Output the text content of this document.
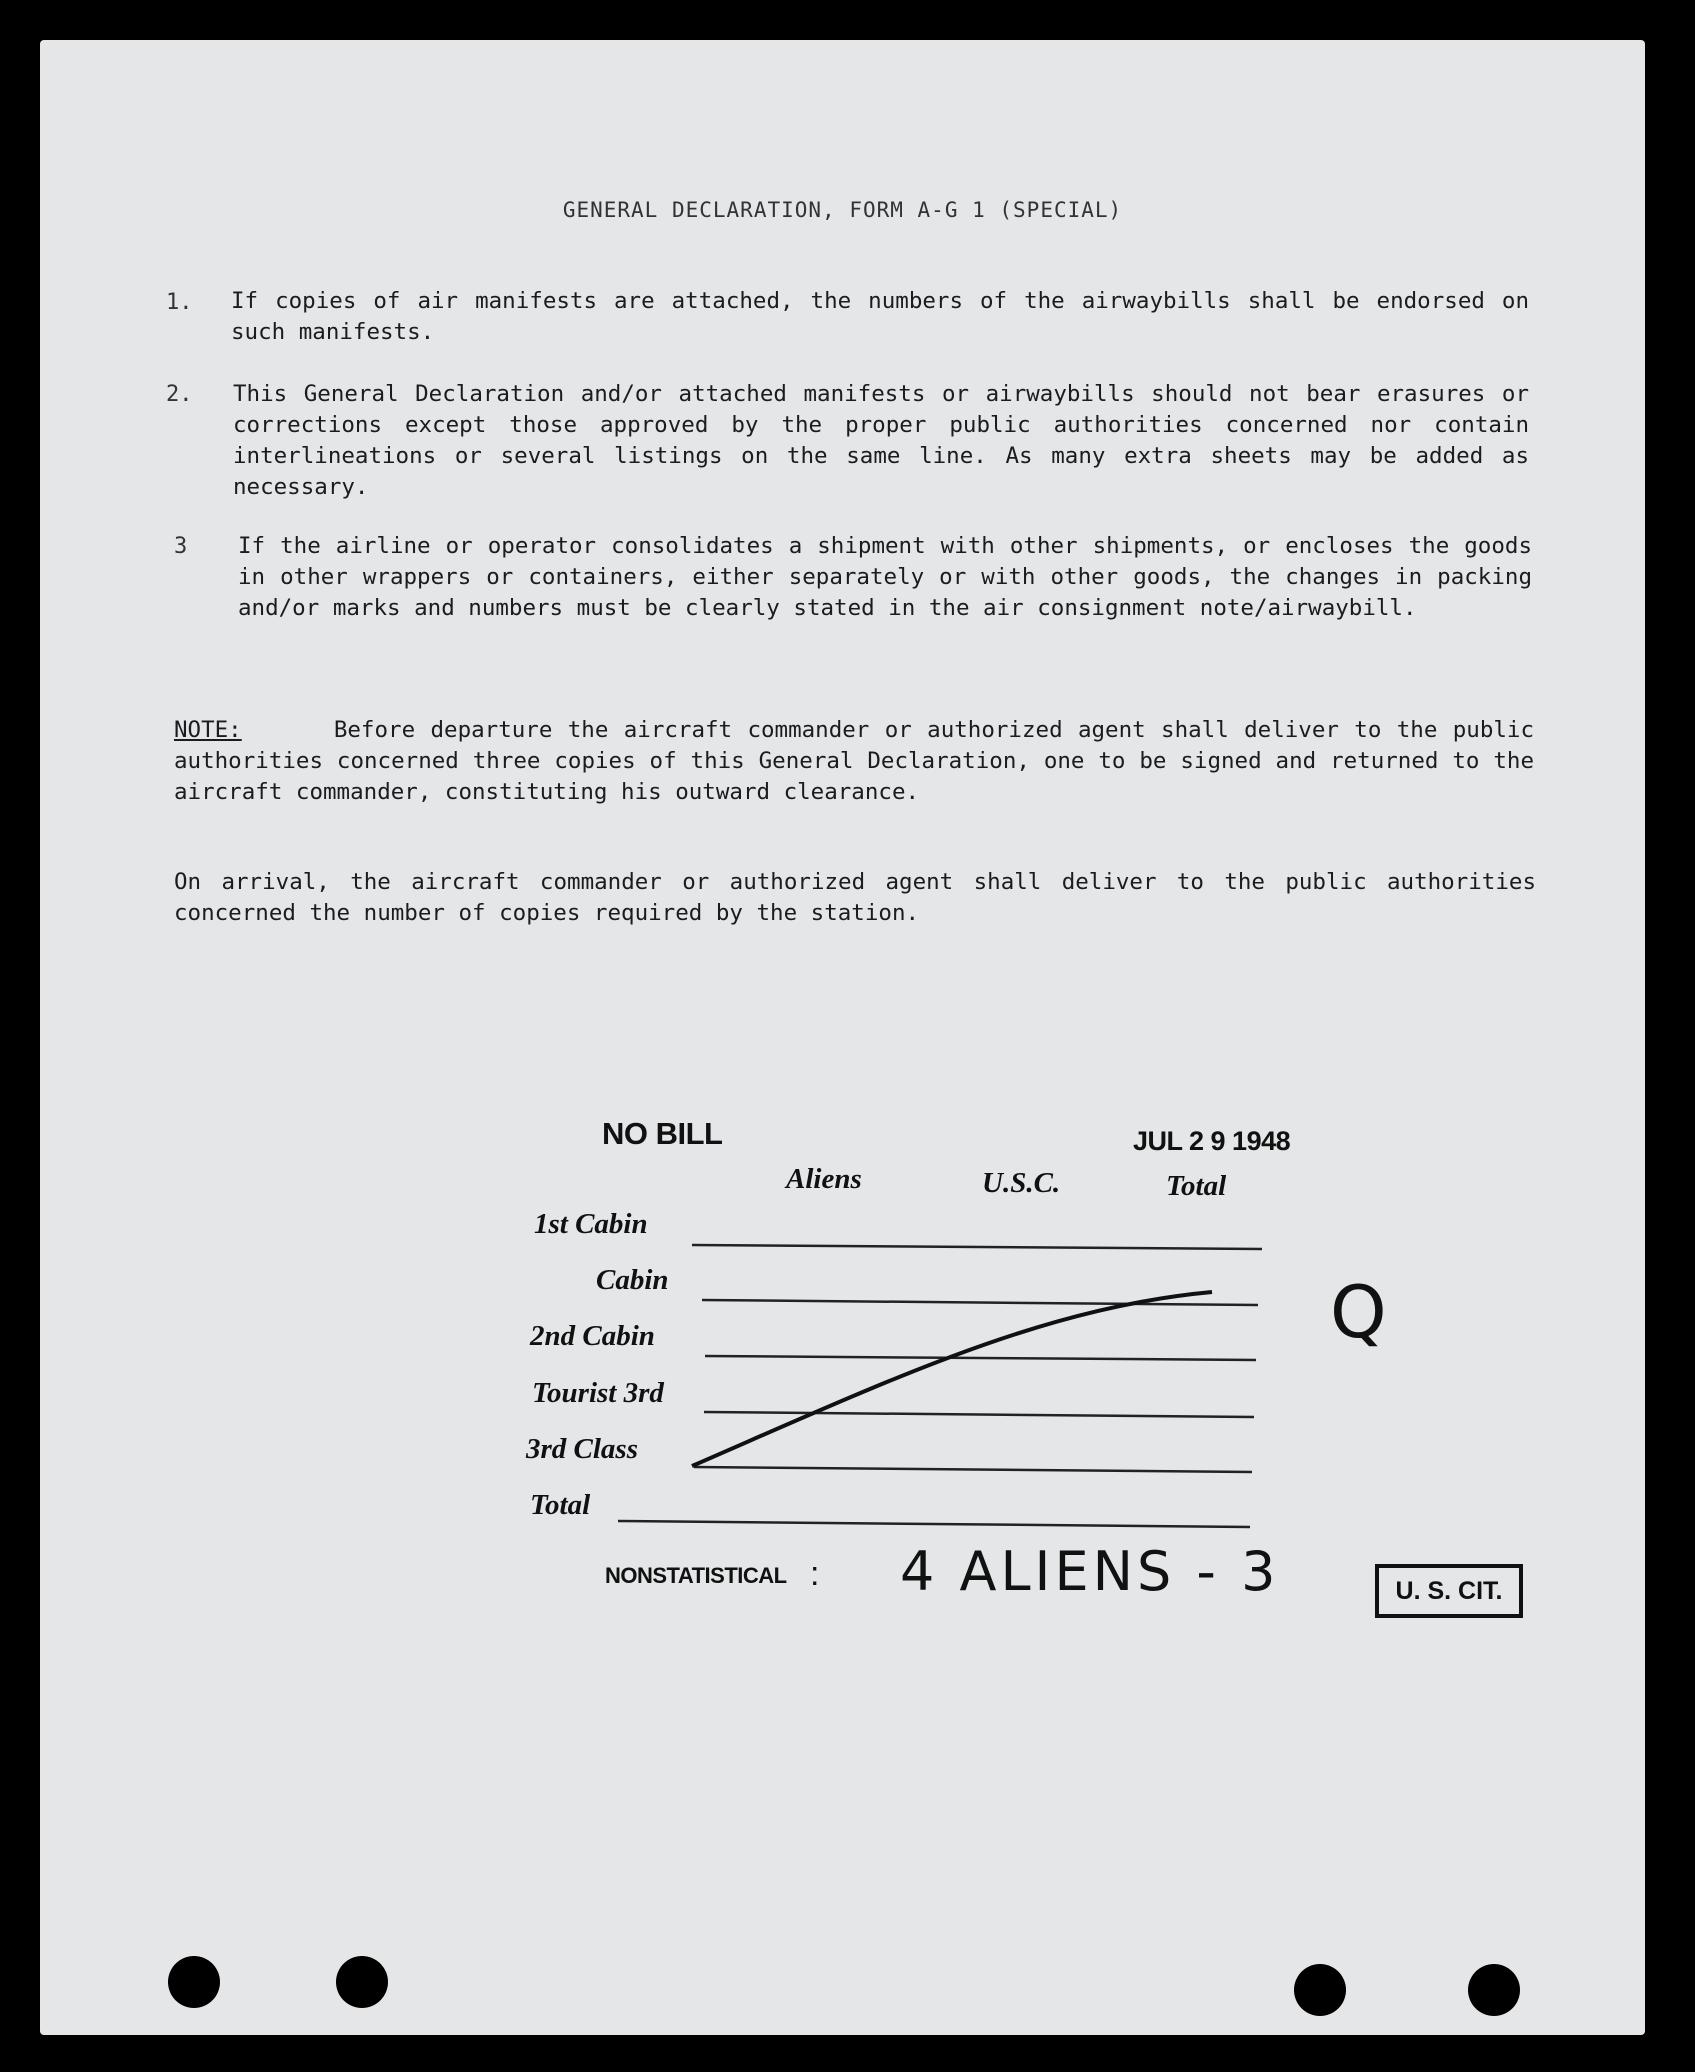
GENERAL DECLARATION, FORM A-G 1 (SPECIAL)
1. If copies of air manifests are attached, the numbers of the airwaybills shall be endorsed on such manifests.

2. This General Declaration and/or attached manifests or airwaybills should not bear erasures or corrections except those approved by the proper public authorities concerned nor contain interlineations or several listings on the same line. As many extra sheets may be added as necessary.

3 If the airline or operator consolidates a shipment with other shipments, or encloses the goods in other wrappers or containers, either separately or with other goods, the changes in packing and/or marks and numbers must be clearly stated in the air consignment note/airwaybill.

NOTE:	Before departure the aircraft commander or authorized agent shall deliver to the public authorities concerned three copies of this General Declaration, one to be signed and returned to the aircraft commander, constituting his outward clearance.

On arrival, the aircraft commander or authorized agent shall deliver to the public authorities concerned the number of copies required by the station.

NO BILL	JUL 2 9 1948
Aliens	U.S.C.	Total
1st Cabin
Cabin
2nd Cabin
Tourist 3rd
3rd Class
Total
NONSTATISTICAL : 4 ALIENS - 3
Q
U. S. CIT.
